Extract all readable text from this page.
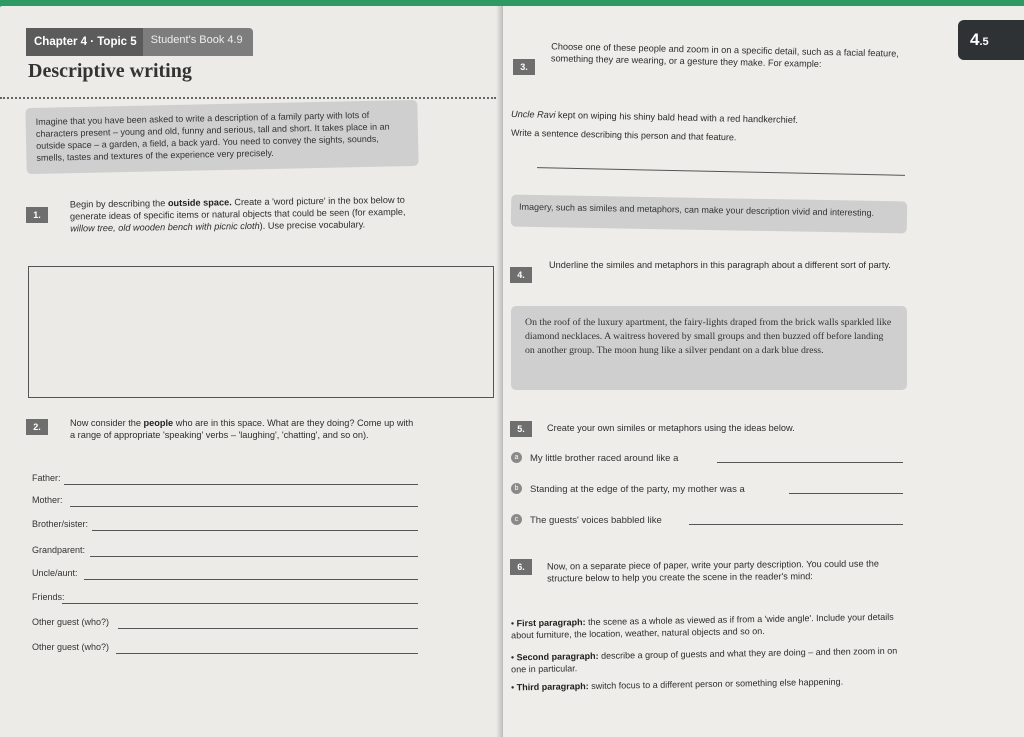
Chapter 4 · Topic 5	Student's Book 4.9
Descriptive writing
Imagine that you have been asked to write a description of a family party with lots of characters present – young and old, funny and serious, tall and short. It takes place in an outside space – a garden, a field, a back yard. You need to convey the sights, sounds, smells, tastes and textures of the experience very precisely.
1.
Begin by describing the outside space. Create a 'word picture' in the box below to generate ideas of specific items or natural objects that could be seen (for example, willow tree, old wooden bench with picnic cloth). Use precise vocabulary.
2.	Now consider the people who are in this space. What are they doing? Come up with a range of appropriate 'speaking' verbs – 'laughing', 'chatting', and so on).
Father:
Mother:
Brother/sister:
Grandparent:
Uncle/aunt:
Friends:
Other guest (who?)
Other guest (who?)
4.5
3.
Choose one of these people and zoom in on a specific detail, such as a facial feature, something they are wearing, or a gesture they make. For example:
Uncle Ravi kept on wiping his shiny bald head with a red handkerchief.
Write a sentence describing this person and that feature.
Imagery, such as similes and metaphors, can make your description vivid and interesting.
4.
Underline the similes and metaphors in this paragraph about a different sort of party.
On the roof of the luxury apartment, the fairy-lights draped from the brick walls sparkled like diamond necklaces. A waitress hovered by small groups and then buzzed off before landing on another group. The moon hung like a silver pendant on a dark blue dress.
5.	Create your own similes or metaphors using the ideas below.
a	My little brother raced around like a
b	Standing at the edge of the party, my mother was a
c	The guests' voices babbled like
6.	Now, on a separate piece of paper, write your party description. You could use the structure below to help you create the scene in the reader's mind:
• First paragraph: the scene as a whole as viewed as if from a 'wide angle'. Include your details about furniture, the location, weather, natural objects and so on.
• Second paragraph: describe a group of guests and what they are doing – and then zoom in on one in particular.
• Third paragraph: switch focus to a different person or something else happening.
